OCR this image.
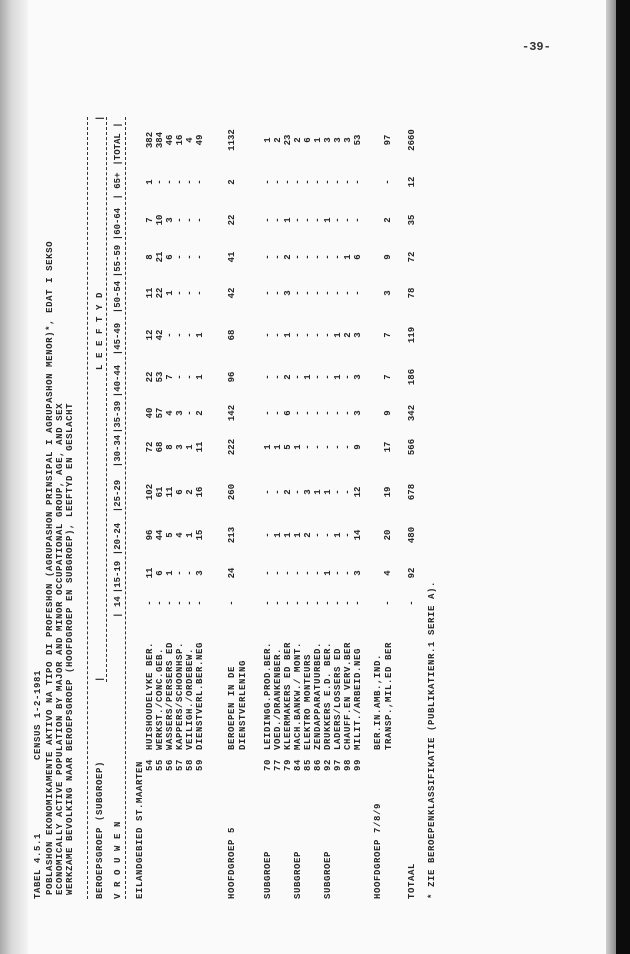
-39-
TABEL 4.5.1
CENSUS 1-2-1981 POBLASHON EKONOMIKAMENTE AKTIVO NA TIPO DI PROFESHON (AGRUPASHON PRINSIPAL I AGRUPASHON MENOR)*, EDAT I SEKSO ECONOMICALLY ACTIVE POPULATION BY MAJOR AND MINOR OCCUPATIONAL GROUP, AGE, AND SEX WERKZAME BEVOLKING NAAR BEROEPSGROEP (HOOFDGROEP EN SUBGROEP), LEEFTYD EN GESLACHT BEROEPSGROEP (SUBGROEP)
|
L E E F T Y D
|
V R O U W E N
| 14
|15-19
|20-24
|25-29
|30-34
|35-39
|40-44
|45-49
|50-54
|55-59
|60-64
| 65+
|TOTAL |
EILANDGEBIED ST.MAARTEN 54
HUISHOUDELYKE BER.
-
11
96
102
72
40
22
12
11
8
7
1
382
55
WERKST./CONC.GEB.
-
6
44
61
68
57
53
42
22
21
10
-
384
56
WASSERS/PERSERS ED
-
1
5
11
8
4
7
-
1
6
3
-
46
57
KAPPERS/SCHOONHSP.
-
-
4
6
3
3
-
-
-
-
-
-
16
58
VEILIGH./ORDEBEW.
-
-
1
2
1
-
-
-
-
-
-
-
4
59
DIENSTVERL.BER.NEG
-
3
15
16
11
2
1
1
-
-
-
-
49
HOOFDGROEP 5
BEROEPEN IN DE DIENSTVERLENING
-
24
213
260
222
142
96
68
42
41
22
2
1132
SUBGROEP
70
LEIDINGG.PROD.BER.
-
-
-
-
1
-
-
-
-
-
-
-
1
77
VOED./DRANKENBER.
-
-
1
-
1
-
-
-
-
-
-
-
2
79
KLEERMAKERS ED BER
-
-
1
2
5
6
2
1
3
2
1
-
23
SUBGROEP
84
MACH.BANKW./ MONT.
-
-
1
-
1
-
-
-
-
-
-
-
2
85
ELEKTRO MONTEURS
-
-
2
3
-
-
1
-
-
-
-
-
6
86
ZENDAPPARATUURBED.
-
-
-
1
-
-
-
-
-
-
-
-
1
SUBGROEP
92
DRUKKERS E.D. BER.
-
1
-
1
-
-
-
-
-
-
1
-
3
97
LADERS/LOSSERS ED
-
-
1
-
-
-
1
1
-
-
-
-
3
98
CHAUFF.EN VERV.BER
-
-
-
-
-
-
-
2
-
1
-
-
3
99
MILIT./ARBEID.NEG
-
3
14
12
9
3
3
3
-
6
-
-
53
HOOFDGROEP 7/8/9
BER.IN.AMB.,IND. TRANSP.,MIL.ED BER
-
4
20
19
17
9
7
7
3
9
2
-
97
TOTAAL
-
92
480
678
566
342
186
119
78
72
35
12
2660
* ZIE BEROEPENKLASSIFIKATIE (PUBLIKATIENR.1 SERIE A).
